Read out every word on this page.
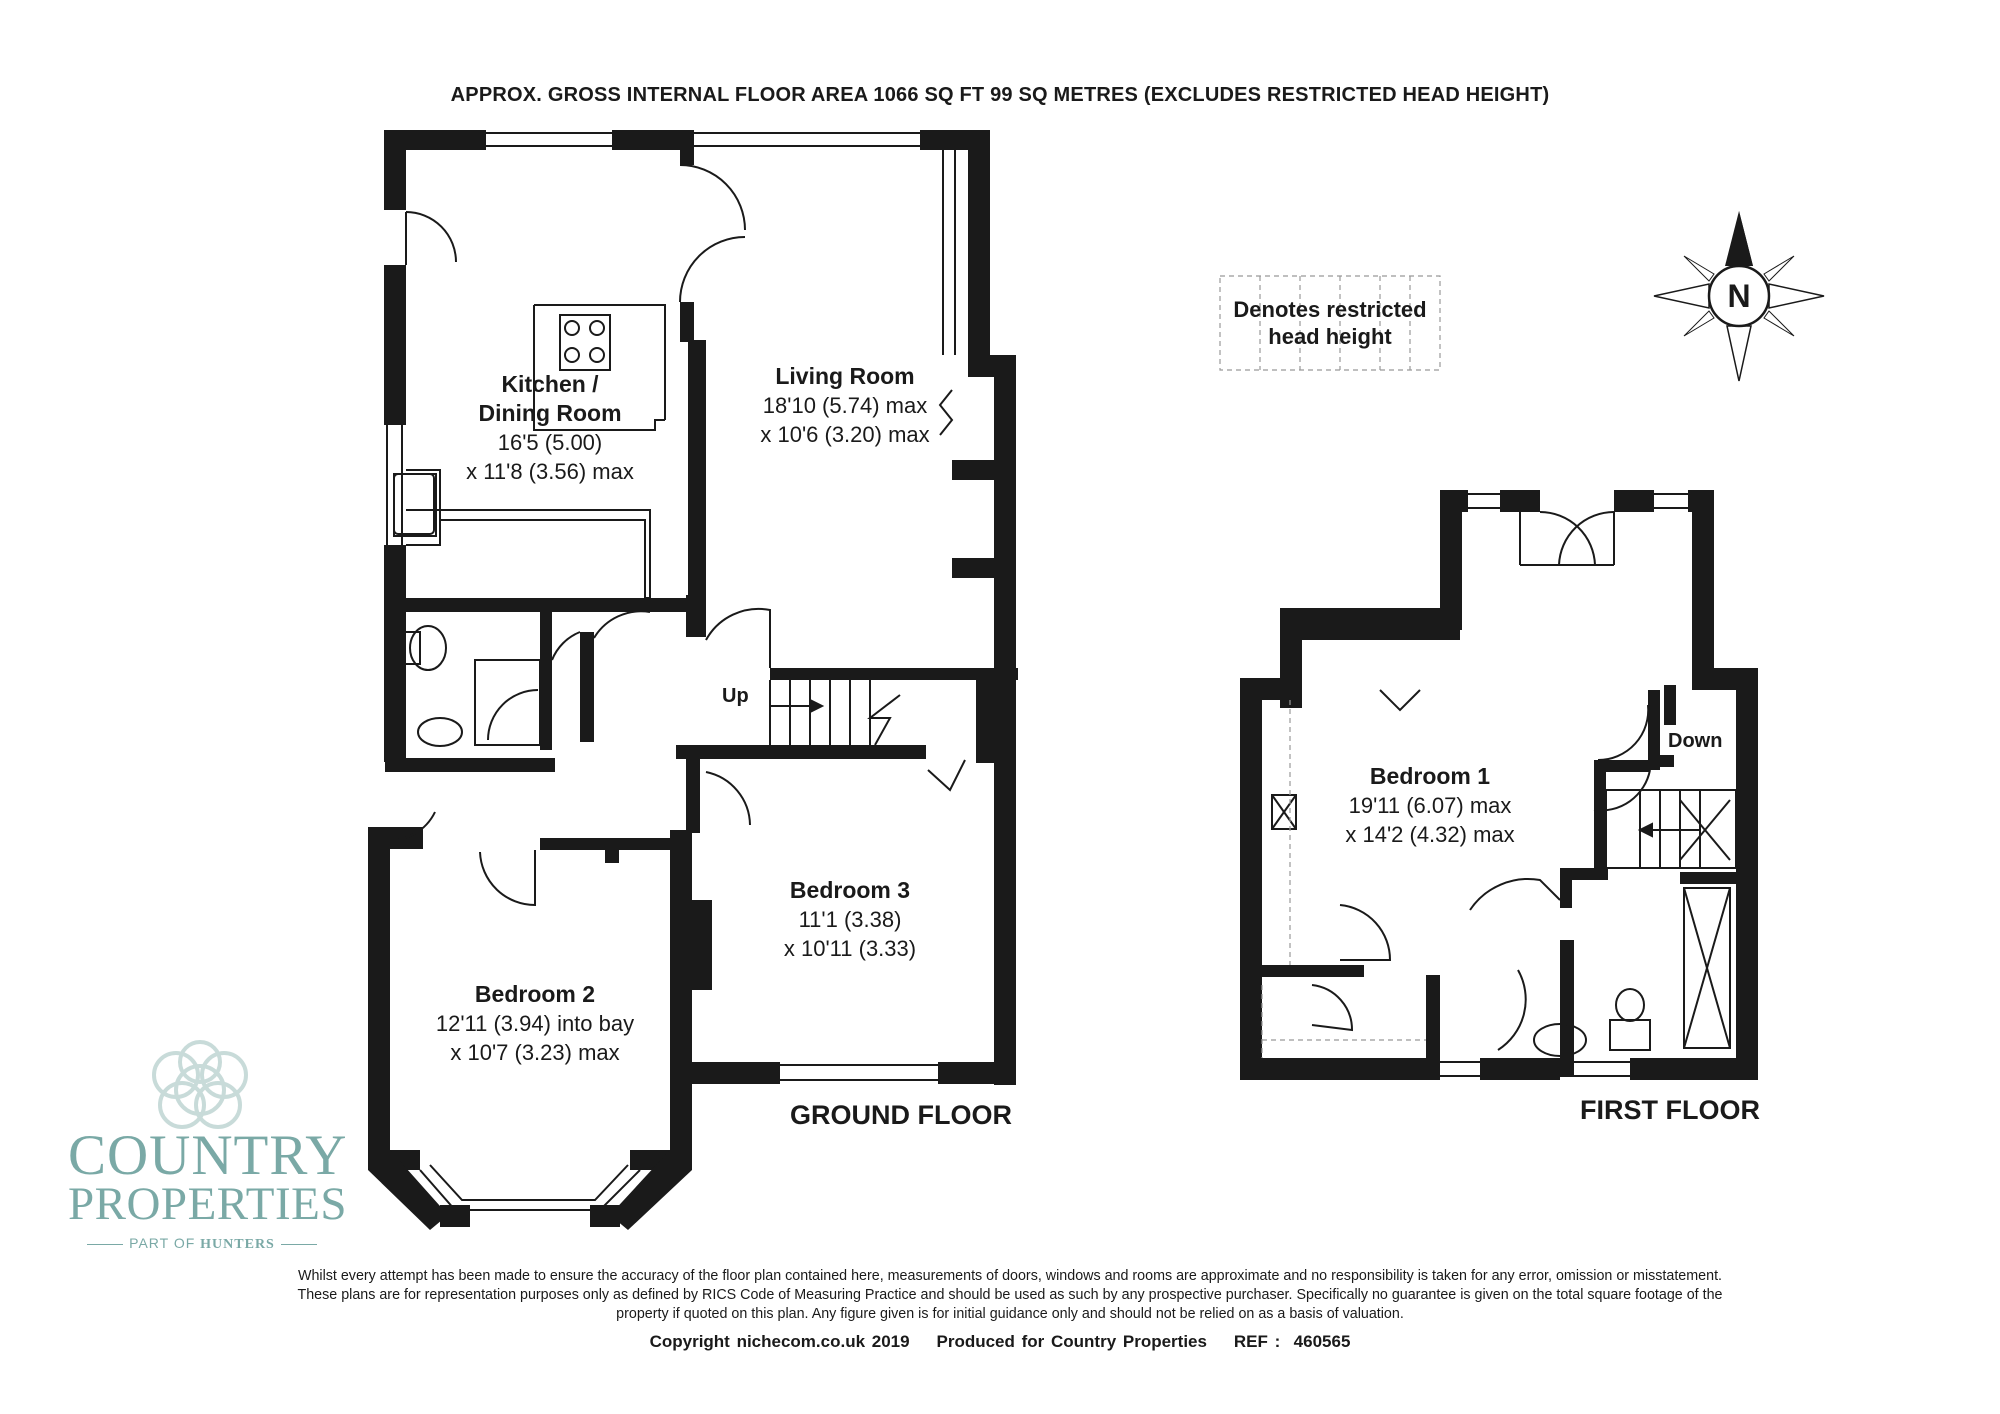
APPROX. GROSS INTERNAL FLOOR AREA 1066 SQ FT 99 SQ METRES (EXCLUDES RESTRICTED HEAD HEIGHT)
Kitchen /
Dining Room
16'5 (5.00)
x 11'8 (3.56) max
Living Room
18'10 (5.74) max
x 10'6 (3.20) max
Up
Bedroom 2
12'11 (3.94) into bay
x 10'7 (3.23) max
Bedroom 3
11'1 (3.38)
x 10'11 (3.33)
Bedroom 1
19'11 (6.07) max
x 14'2 (4.32) max
Down
GROUND FLOOR	FIRST FLOOR
Denotes restricted
head height
N
COUNTRY
PROPERTIES
PART OF HUNTERS
Whilst every attempt has been made to ensure the accuracy of the floor plan contained here, measurements of doors, windows and rooms are approximate and no responsibility is taken for any error, omission or misstatement. These plans are for representation purposes only as defined by RICS Code of Measuring Practice and should be used as such by any prospective purchaser. Specifically no guarantee is given on the total square footage of the property if quoted on this plan. Any figure given is for initial guidance only and should not be relied on as a basis of valuation.
Copyright nichecom.co.uk 2019    Produced for Country Properties    REF :  460565
